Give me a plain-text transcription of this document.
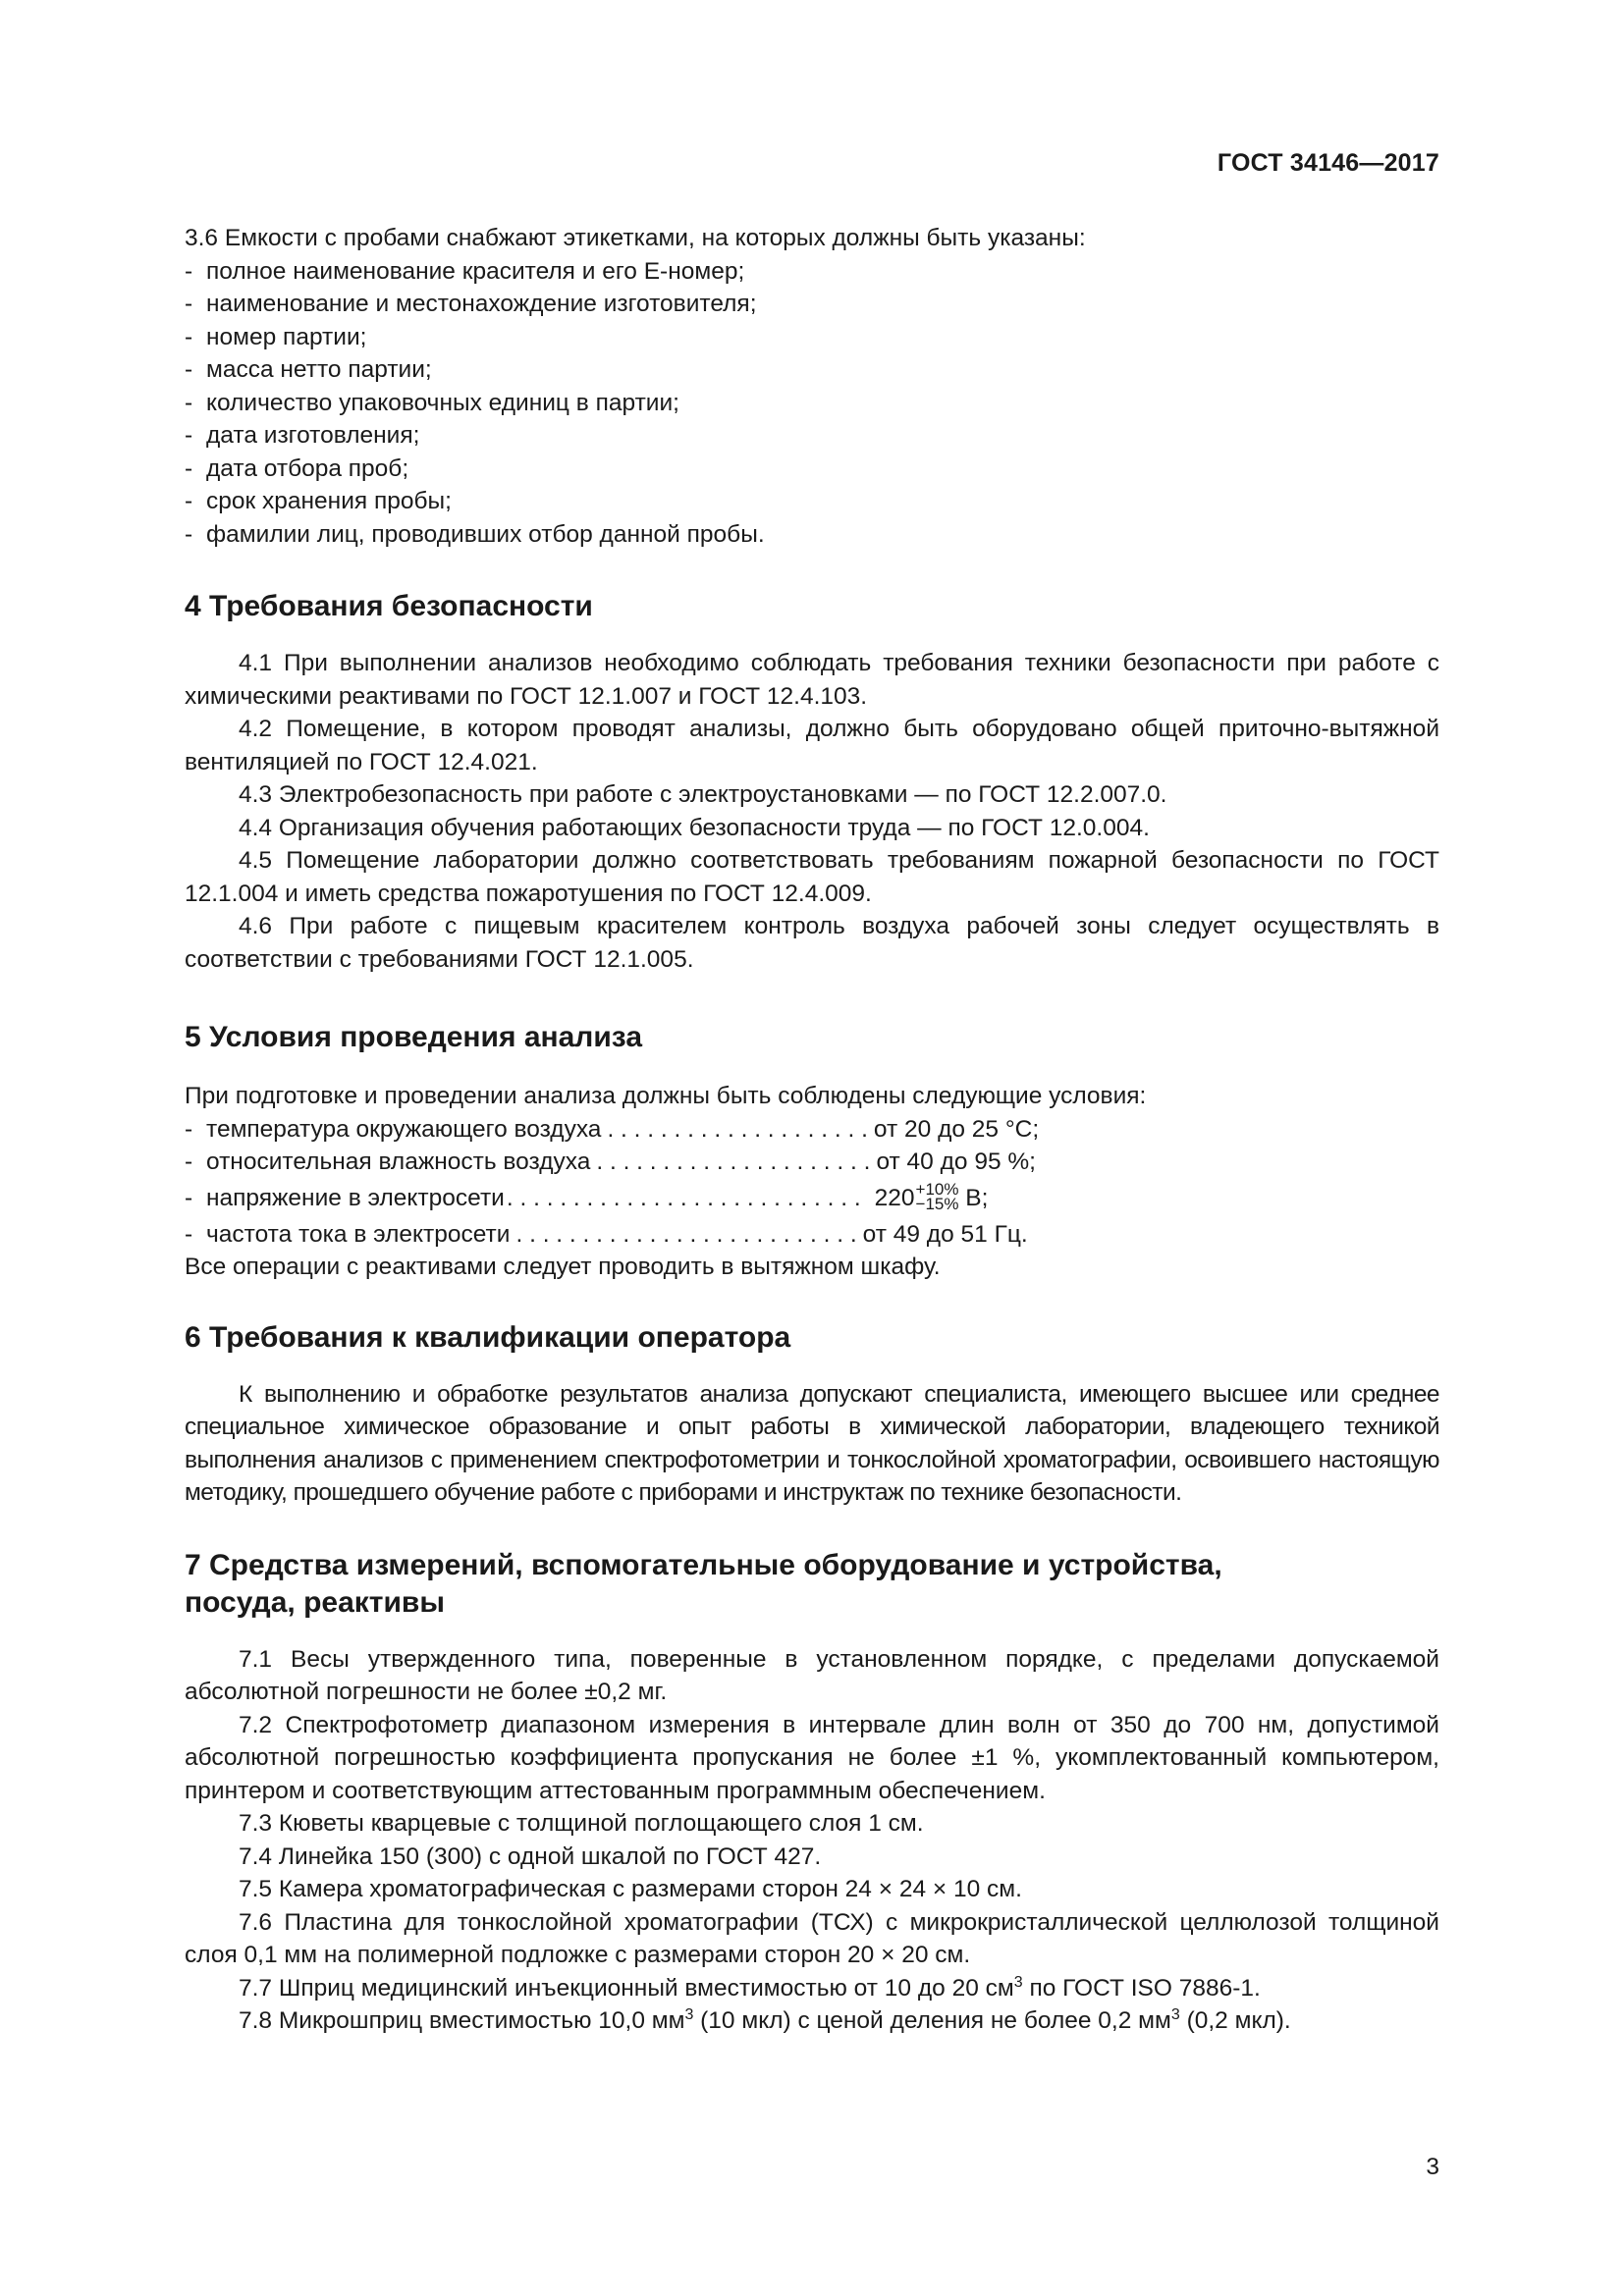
ГОСТ 34146—2017

3.6 Емкости с пробами снабжают этикетками, на которых должны быть указаны:

- полное наименование красителя и его Е-номер;
- наименование и местонахождение изготовителя;
- номер партии;
- масса нетто партии;
- количество упаковочных единиц в партии;
- дата изготовления;
- дата отбора проб;
- срок хранения пробы;
- фамилии лиц, проводивших отбор данной пробы.
4 Требования безопасности

4.1 При выполнении анализов необходимо соблюдать требования техники безопасности при работе с химическими реактивами по ГОСТ 12.1.007 и ГОСТ 12.4.103.

4.2 Помещение, в котором проводят анализы, должно быть оборудовано общей приточно-вытяжной вентиляцией по ГОСТ 12.4.021.

4.3 Электробезопасность при работе с электроустановками — по ГОСТ 12.2.007.0.

4.4 Организация обучения работающих безопасности труда — по ГОСТ 12.0.004.

4.5 Помещение лаборатории должно соответствовать требованиям пожарной безопасности по ГОСТ 12.1.004 и иметь средства пожаротушения по ГОСТ 12.4.009.

4.6 При работе с пищевым красителем контроль воздуха рабочей зоны следует осуществлять в соответствии с требованиями ГОСТ 12.1.005.

5 Условия проведения анализа

При подготовке и проведении анализа должны быть соблюдены следующие условия:

- температура окружающего воздуха . . . . . . . . . . . . . . . . . . . . от 20 до 25 °С;
- относительная влажность воздуха . . . . . . . . . . . . . . . . . . . . . от 40 до 95 %;
- напряжение в электросети . . . . . . . . . . . . . . . . . . . . . . . . . . . 220 +10%
−15% В;
- частота тока в электросети . . . . . . . . . . . . . . . . . . . . . . . . . . от 49 до 51 Гц.

Все операции с реактивами следует проводить в вытяжном шкафу.

6 Требования к квалификации оператора

К выполнению и обработке результатов анализа допускают специалиста, имеющего высшее или среднее специальное химическое образование и опыт работы в химической лаборатории, владеющего техникой выполнения анализов с применением спектрофотометрии и тонкослойной хроматографии, освоившего настоящую методику, прошедшего обучение работе с приборами и инструктаж по технике безопасности.

7 Средства измерений, вспомогательные оборудование и устройства,
посуда, реактивы

7.1 Весы утвержденного типа, поверенные в установленном порядке, с пределами допускаемой абсолютной погрешности не более ±0,2 мг.

7.2 Спектрофотометр диапазоном измерения в интервале длин волн от 350 до 700 нм, допустимой абсолютной погрешностью коэффициента пропускания не более ±1 %, укомплектованный компьютером, принтером и соответствующим аттестованным программным обеспечением.

7.3 Кюветы кварцевые с толщиной поглощающего слоя 1 см.

7.4 Линейка 150 (300) с одной шкалой по ГОСТ 427.

7.5 Камера хроматографическая с размерами сторон 24 × 24 × 10 см.

7.6 Пластина для тонкослойной хроматографии (ТСХ) с микрокристаллической целлюлозой толщиной слоя 0,1 мм на полимерной подложке с размерами сторон 20 × 20 см.

7.7 Шприц медицинский инъекционный вместимостью от 10 до 20 $см^3$ по ГОСТ ISO 7886-1.

7.8 Микрошприц вместимостью 10,0 $мм^3$ (10 мкл) с ценой деления не более 0,2 $мм^3$ (0,2 мкл).

3
